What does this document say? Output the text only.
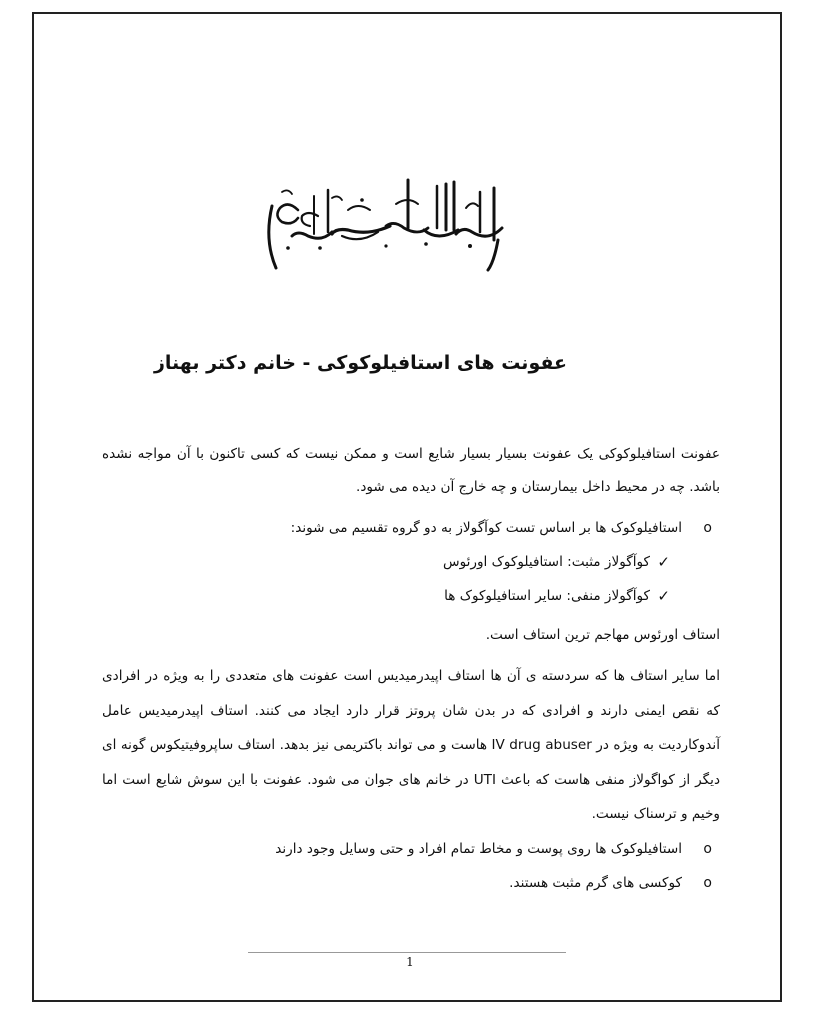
عفونت های استافیلوکوکی - خانم دکتر بهناز

عفونت استافیلوکوکی یک عفونت بسیار بسیار شایع است و ممکن نیست که کسی تاکنون با آن مواجه نشده باشد. چه در محیط داخل بیمارستان و چه خارج آن دیده می شود.

o
استافیلوکوک ها بر اساس تست کوآگولاز به دو گروه تقسیم می شوند:
✓
کوآگولاز مثبت: استافیلوکوک اورئوس
✓
کوآگولاز منفی: سایر استافیلوکوک ها

استاف اورئوس مهاجم ترین استاف است.

اما سایر استاف ها که سردسته ی آن ها استاف اپیدرمیدیس است عفونت های متعددی را به ویژه در افرادی که نقص ایمنی دارند و افرادی که در بدن شان پروتز قرار دارد ایجاد می کنند. استاف اپیدرمیدیس عامل آندوکاردیت به ویژه در IV drug abuser هاست و می تواند باکتریمی نیز بدهد. استاف ساپروفیتیکوس گونه ای دیگر از کواگولاز منفی هاست که باعث UTI در خانم های جوان می شود. عفونت با این سوش شایع است اما وخیم و ترسناک نیست.

o
استافیلوکوک ها روی پوست و مخاط تمام افراد و حتی وسایل وجود دارند
o
کوکسی های گرم مثبت هستند.
1
